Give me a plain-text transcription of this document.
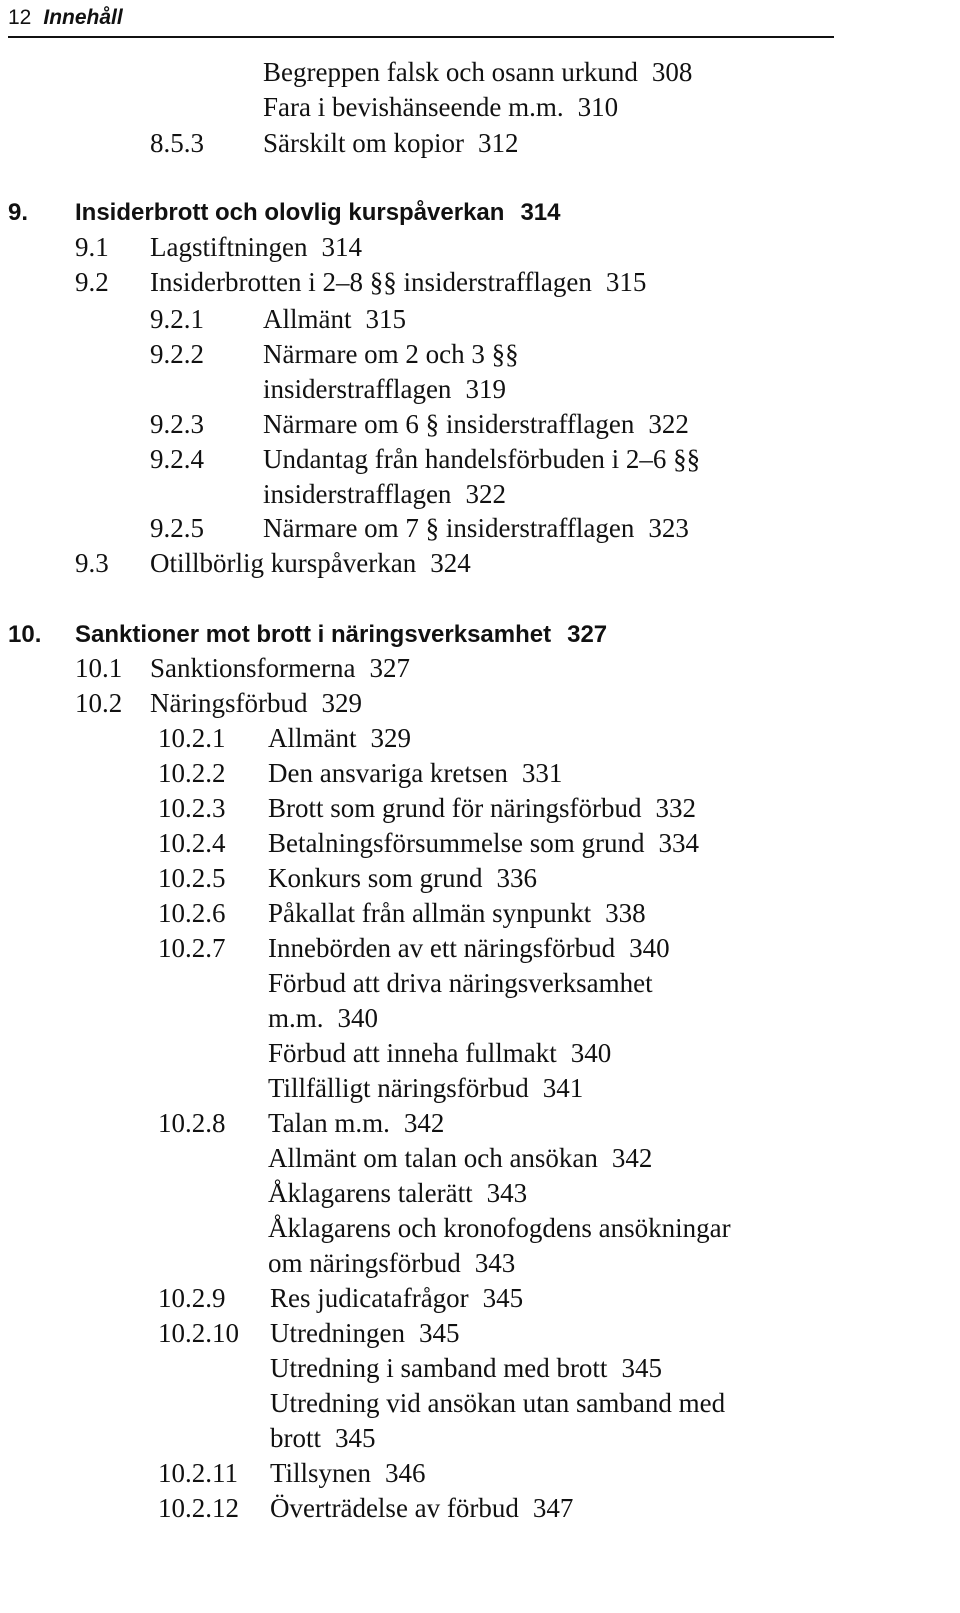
12 Innehåll
Begreppen falsk och osann urkund 308
Fara i bevishänseende m.m. 310
8.5.3 Särskilt om kopior 312
9. Insiderbrott och olovlig kurspåverkan 314
9.1 Lagstiftningen 314
9.2 Insiderbrotten i 2–8 §§ insiderstrafflagen 315
9.2.1 Allmänt 315
9.2.2 Närmare om 2 och 3 §§
insiderstrafflagen 319
9.2.3 Närmare om 6 § insiderstrafflagen 322
9.2.4 Undantag från handelsförbuden i 2–6 §§
insiderstrafflagen 322
9.2.5 Närmare om 7 § insiderstrafflagen 323
9.3 Otillbörlig kurspåverkan 324
10. Sanktioner mot brott i näringsverksamhet 327
10.1 Sanktionsformerna 327
10.2 Näringsförbud 329
10.2.1 Allmänt 329
10.2.2 Den ansvariga kretsen 331
10.2.3 Brott som grund för näringsförbud 332
10.2.4 Betalningsförsummelse som grund 334
10.2.5 Konkurs som grund 336
10.2.6 Påkallat från allmän synpunkt 338
10.2.7 Innebörden av ett näringsförbud 340
Förbud att driva näringsverksamhet
m.m. 340
Förbud att inneha fullmakt 340
Tillfälligt näringsförbud 341
10.2.8 Talan m.m. 342
Allmänt om talan och ansökan 342
Åklagarens talerätt 343
Åklagarens och kronofogdens ansökningar
om näringsförbud 343
10.2.9 Res judicatafrågor 345
10.2.10 Utredningen 345
Utredning i samband med brott 345
Utredning vid ansökan utan samband med
brott 345
10.2.11 Tillsynen 346
10.2.12 Överträdelse av förbud 347
